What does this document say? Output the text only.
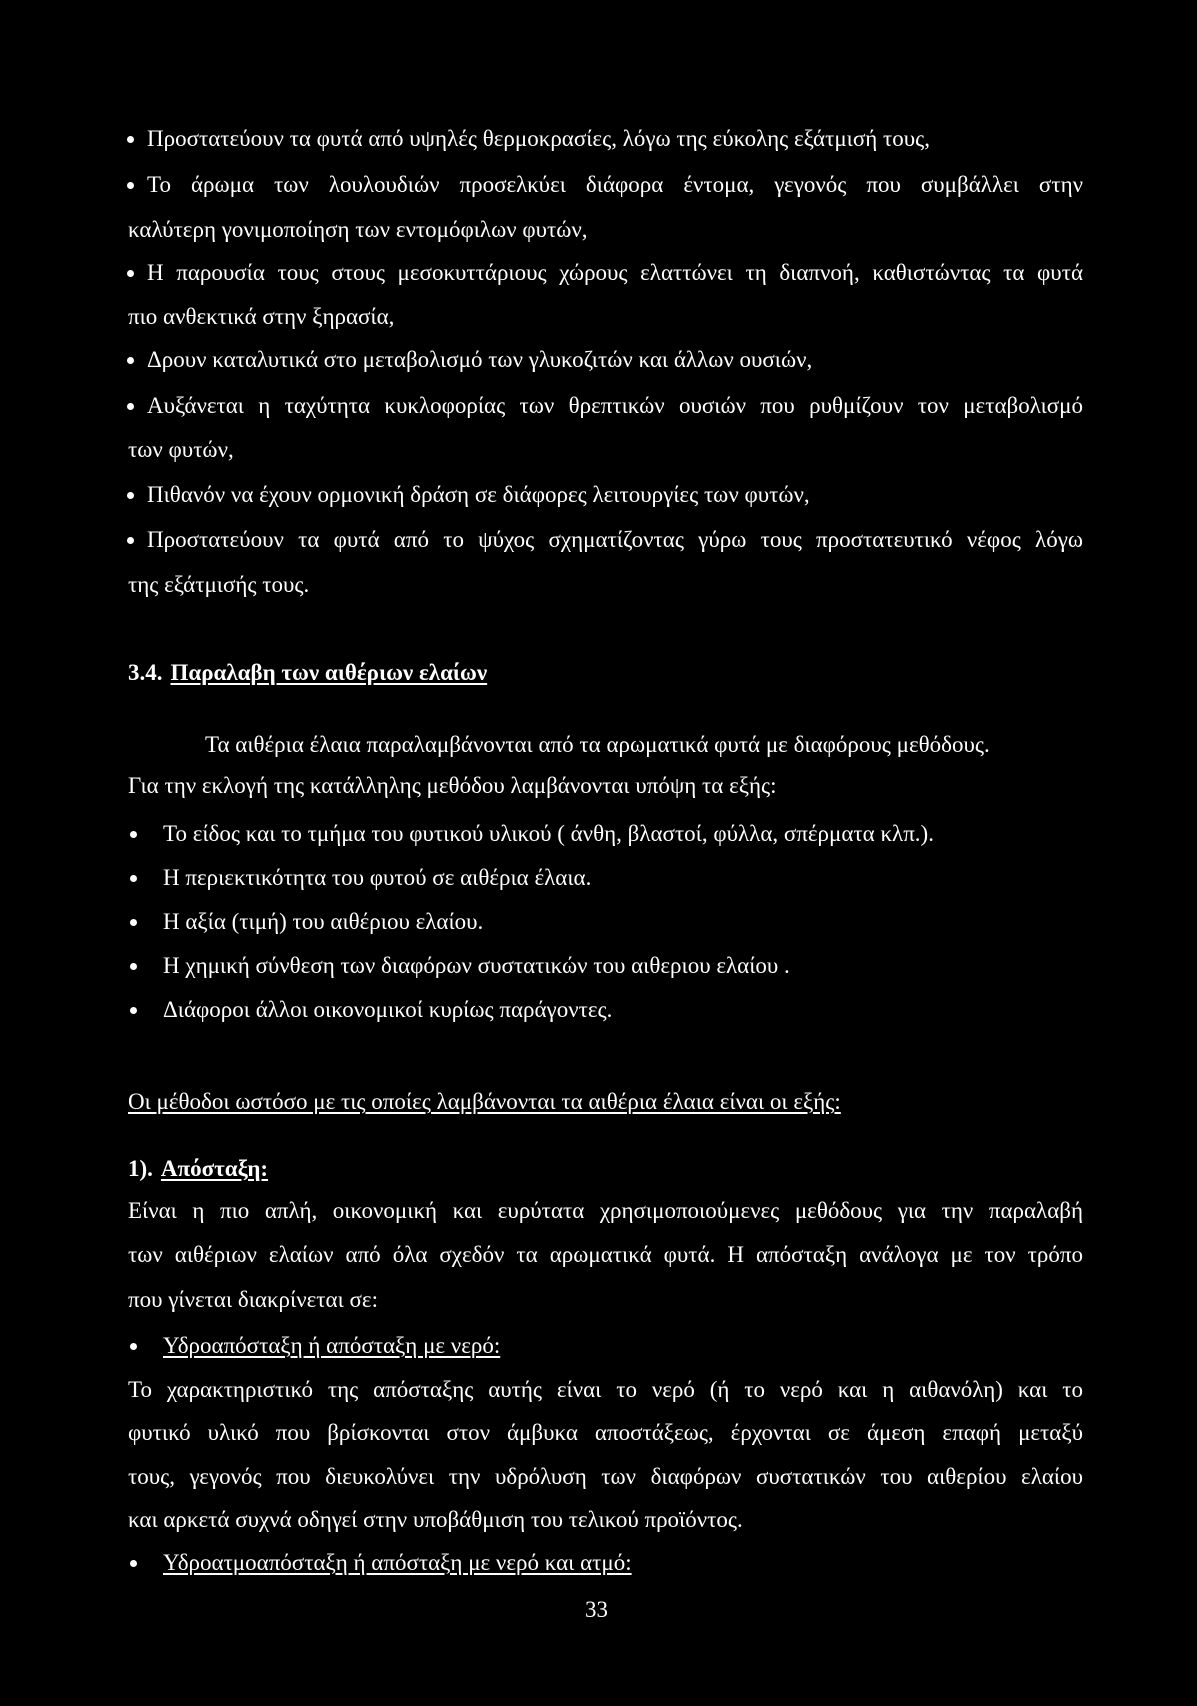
Προστατεύουν τα φυτά από υψηλές θερμοκρασίες, λόγω της εύκολης εξάτμισή τους,
Το άρωμα των λουλουδιών προσελκύει διάφορα έντομα, γεγονός που συμβάλλει στην
καλύτερη γονιμοποίηση των εντομόφιλων φυτών,
Η παρουσία τους στους μεσοκυττάριους χώρους ελαττώνει τη διαπνοή, καθιστώντας τα φυτά
πιο ανθεκτικά στην ξηρασία,
Δρουν καταλυτικά στο μεταβολισμό των γλυκοζιτών και άλλων ουσιών,
Αυξάνεται η ταχύτητα κυκλοφορίας των θρεπτικών ουσιών που ρυθμίζουν τον μεταβολισμό
των φυτών,
Πιθανόν να έχουν ορμονική δράση σε διάφορες λειτουργίες των φυτών,
Προστατεύουν τα φυτά από το ψύχος σχηματίζοντας γύρω τους προστατευτικό νέφος λόγω
της εξάτμισής τους.
3.4. Παραλαβη των αιθέριων ελαίων
Τα αιθέρια έλαια παραλαμβάνονται από τα αρωματικά φυτά με διαφόρους μεθόδους.
Για την εκλογή της κατάλληλης μεθόδου λαμβάνονται υπόψη τα εξής:
Το είδος και το τμήμα του φυτικού υλικού ( άνθη, βλαστοί, φύλλα, σπέρματα κλπ.).
Η περιεκτικότητα του φυτού σε αιθέρια έλαια.
Η αξία (τιμή) του αιθέριου ελαίου.
Η χημική σύνθεση των διαφόρων συστατικών του αιθεριου ελαίου .
Διάφοροι άλλοι οικονομικοί κυρίως παράγοντες.
Οι μέθοδοι ωστόσο με τις οποίες λαμβάνονται τα αιθέρια έλαια είναι οι εξής:
1). Απόσταξη:
Είναι η πιο απλή, οικονομική και ευρύτατα χρησιμοποιούμενες μεθόδους για την παραλαβή
των αιθέριων ελαίων από όλα σχεδόν τα αρωματικά φυτά. Η απόσταξη ανάλογα με τον τρόπο
που γίνεται διακρίνεται σε:
Υδροαπόσταξη ή απόσταξη με νερό:
Το χαρακτηριστικό της απόσταξης αυτής είναι το νερό (ή το νερό και η αιθανόλη) και το
φυτικό υλικό που βρίσκονται στον άμβυκα αποστάξεως, έρχονται σε άμεση επαφή μεταξύ
τους, γεγονός που διευκολύνει την υδρόλυση των διαφόρων συστατικών του αιθερίου ελαίου
και αρκετά συχνά οδηγεί στην υποβάθμιση του τελικού προϊόντος.
Υδροατμοαπόσταξη ή απόσταξη με νερό και ατμό:
33
